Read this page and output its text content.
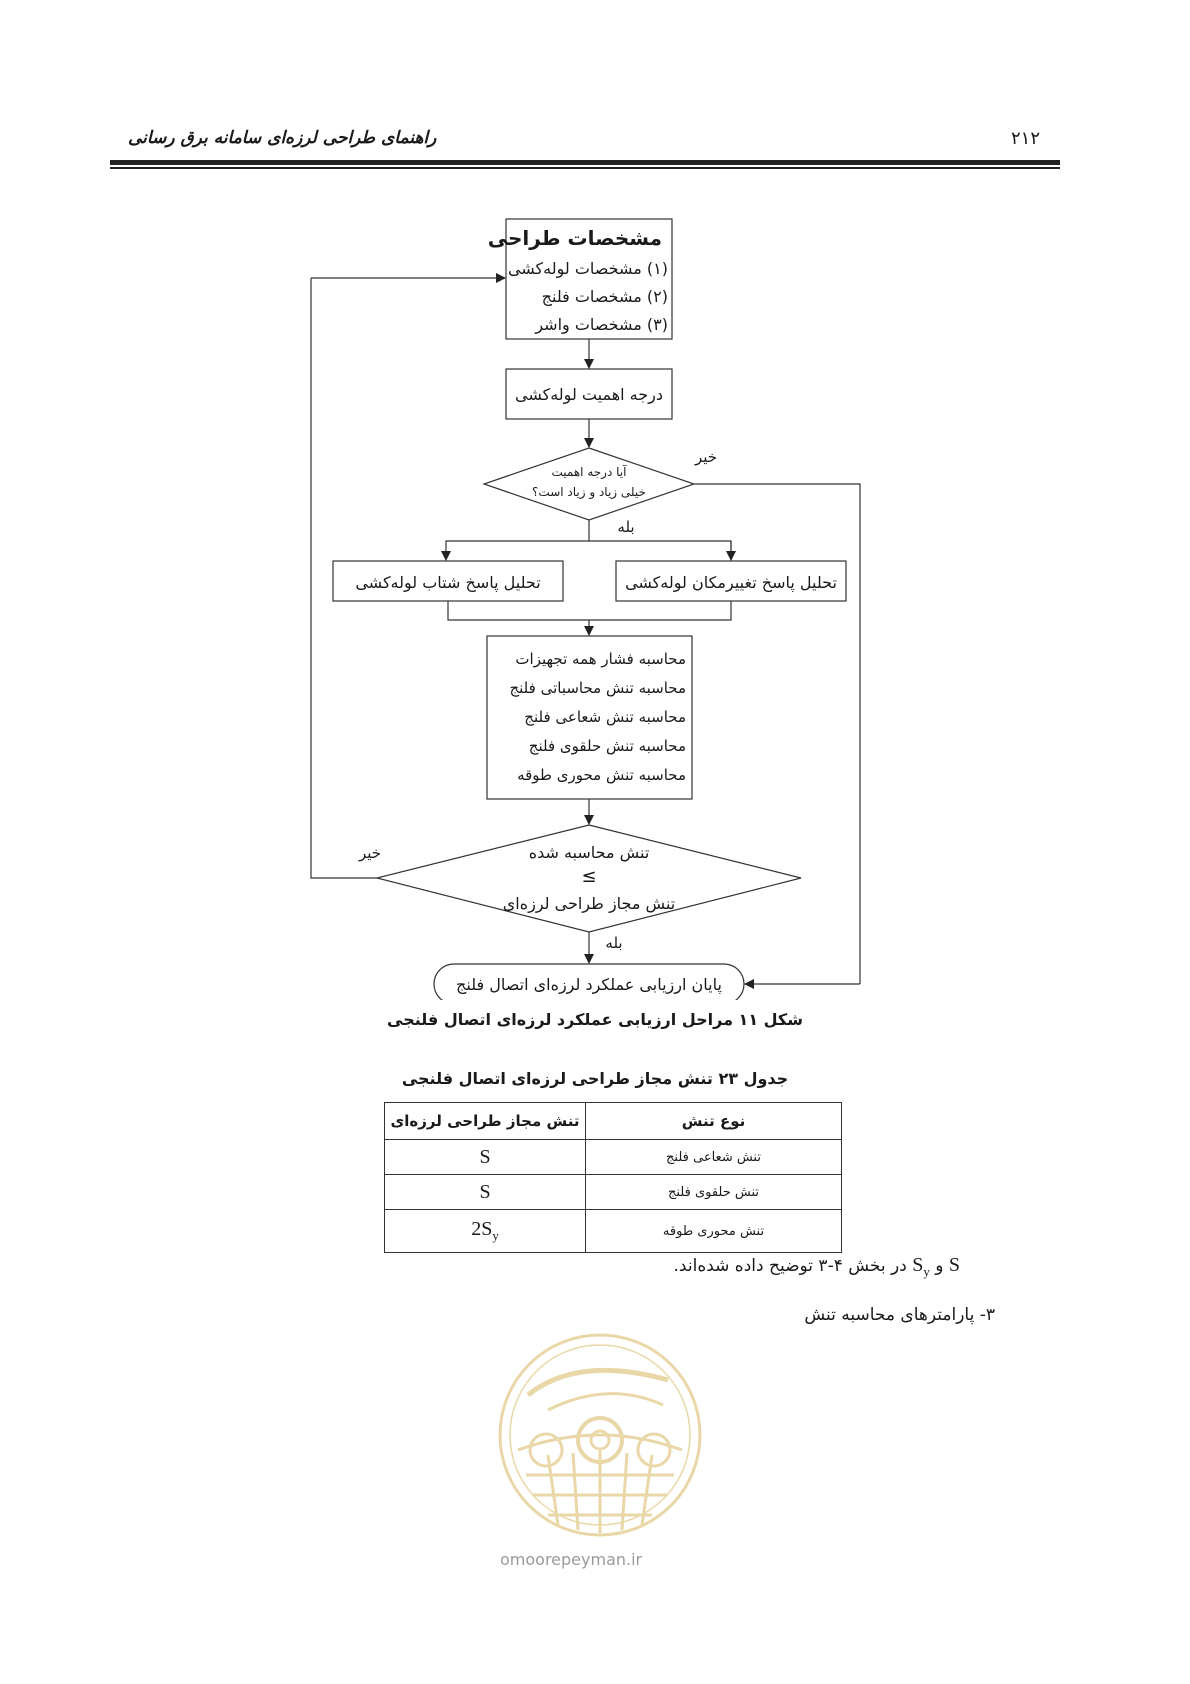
راهنمای طراحی لرزه‌ای سامانه برق رسانی	۲۱۲
مشخصات طراحی
(۱) مشخصات لوله‌کشی
(۲) مشخصات فلنج
(۳) مشخصات واشر
درجه اهمیت لوله‌کشی
آیا درجه اهمیت
خیلی زیاد و زیاد است؟
خیر
بله
تحلیل پاسخ شتاب لوله‌کشی	تحلیل پاسخ تغییرمکان لوله‌کشی
محاسبه فشار همه تجهیزات
محاسبه تنش محاسباتی فلنج
محاسبه تنش شعاعی فلنج
محاسبه تنش حلقوی فلنج
محاسبه تنش محوری طوقه
تنش محاسبه شده
≤
تنش مجاز طراحی لرزه‌ای
خیر
بله
پایان ارزیابی عملکرد لرزه‌ای اتصال فلنج
شکل ۱۱ مراحل ارزیابی عملکرد لرزه‌ای اتصال فلنجی
جدول ۲۳ تنش مجاز طراحی لرزه‌ای اتصال فلنجی
نوع تنش	تنش مجاز طراحی لرزه‌ای
تنش شعاعی فلنج	S
تنش حلقوی فلنج	S
تنش محوری طوقه	$2S_y$
S و $S_y$ در بخش ۴-۳ توضیح داده شده‌اند.
۳- پارامترهای محاسبه تنش
omoorepeyman.ir
